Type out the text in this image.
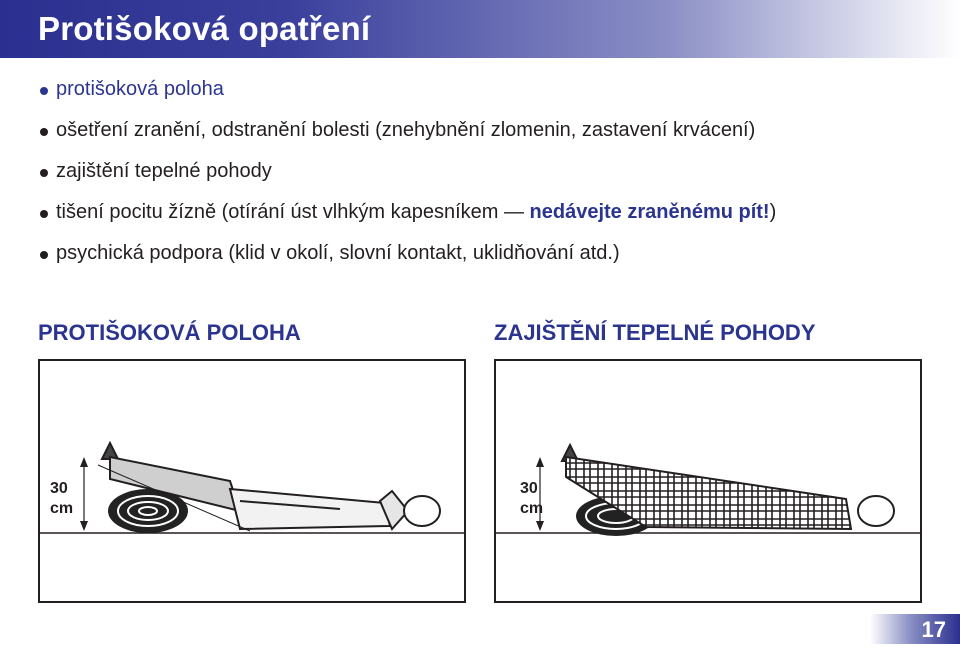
Protišoková opatření
protišoková poloha
ošetření zranění, odstranění bolesti (znehybnění zlomenin, zastavení krvácení)
zajištění tepelné pohody
tišení pocitu žízně (otírání úst vlhkým kapesníkem — nedávejte zraněnému pít!)
psychická podpora (klid v okolí, slovní kontakt, uklidňování atd.)
PROTIŠOKOVÁ POLOHA	ZAJIŠTĚNÍ TEPELNÉ POHODY
30
cm
30
cm
17
